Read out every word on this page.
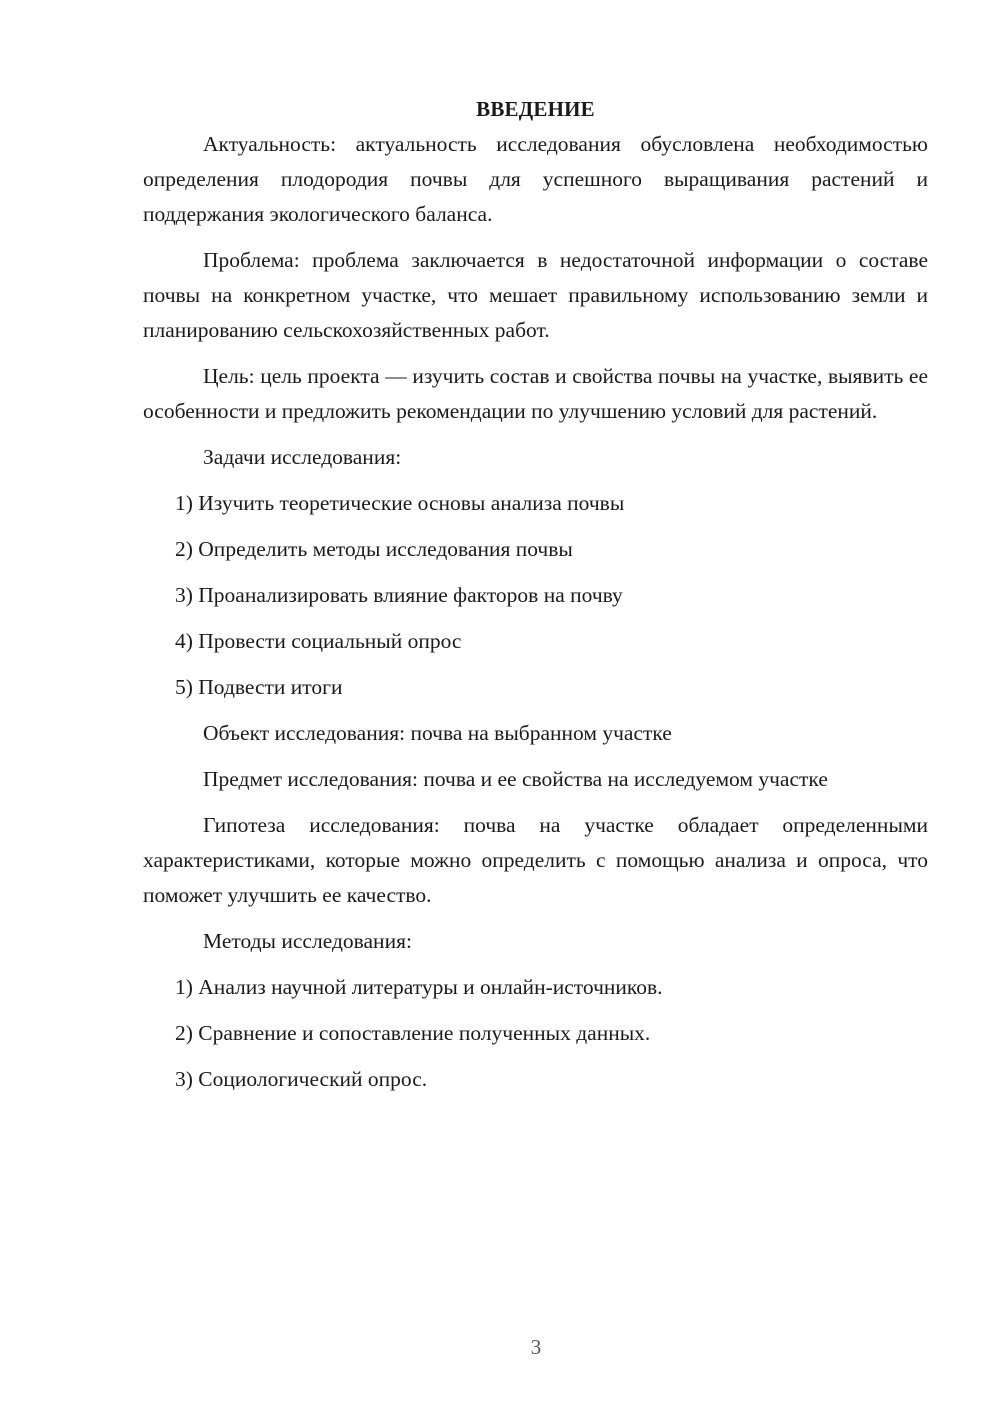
ВВЕДЕНИЕ

Актуальность: актуальность исследования обусловлена необходимостью определения плодородия почвы для успешного выращивания растений и поддержания экологического баланса.

Проблема: проблема заключается в недостаточной информации о составе почвы на конкретном участке, что мешает правильному использованию земли и планированию сельскохозяйственных работ.

Цель: цель проекта — изучить состав и свойства почвы на участке, выявить ее особенности и предложить рекомендации по улучшению условий для растений.

Задачи исследования:
1) Изучить теоретические основы анализа почвы
2) Определить методы исследования почвы
3) Проанализировать влияние факторов на почву
4) Провести социальный опрос
5) Подвести итоги
Объект исследования: почва на выбранном участке
Предмет исследования: почва и ее свойства на исследуемом участке

Гипотеза исследования: почва на участке обладает определенными характеристиками, которые можно определить с помощью анализа и опроса, что поможет улучшить ее качество.

Методы исследования:
1) Анализ научной литературы и онлайн-источников.
2) Сравнение и сопоставление полученных данных.
3) Социологический опрос.
3
